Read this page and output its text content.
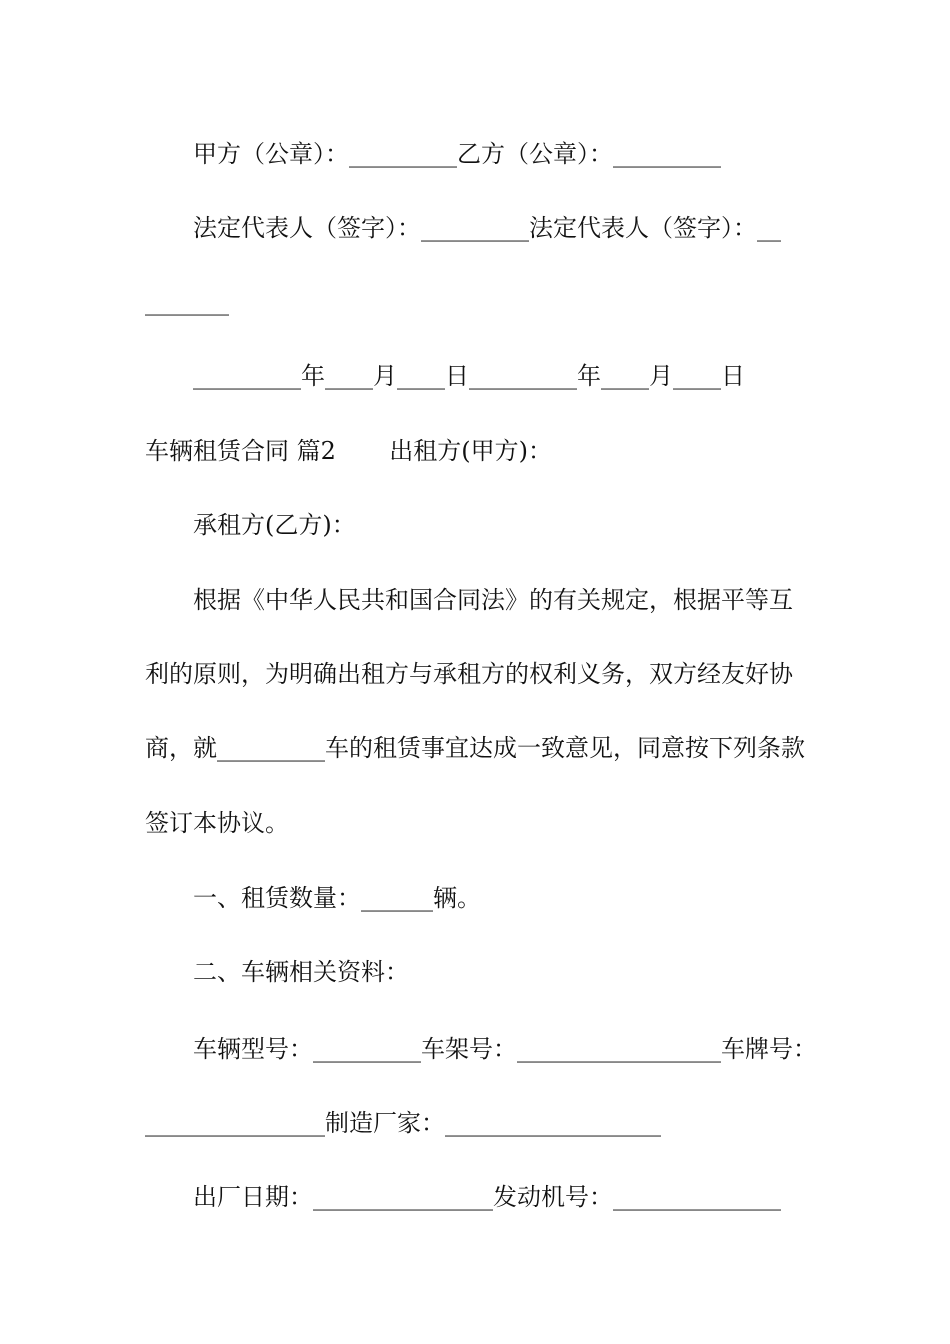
甲方（公章）：_________乙方（公章）：_________
法定代表人（签字）：_________法定代表人（签字）：__
_______
_________年____月____日_________年____月____日
车辆租赁合同 篇2       出租方(甲方)：
承租方(乙方)：
根据《中华人民共和国合同法》的有关规定，根据平等互
利的原则，为明确出租方与承租方的权利义务，双方经友好协
商，就_________车的租赁事宜达成一致意见，同意按下列条款
签订本协议。
一、租赁数量：______辆。
二、车辆相关资料：
车辆型号：_________车架号：_________________车牌号：
_______________制造厂家：__________________
出厂日期：_______________发动机号：______________
